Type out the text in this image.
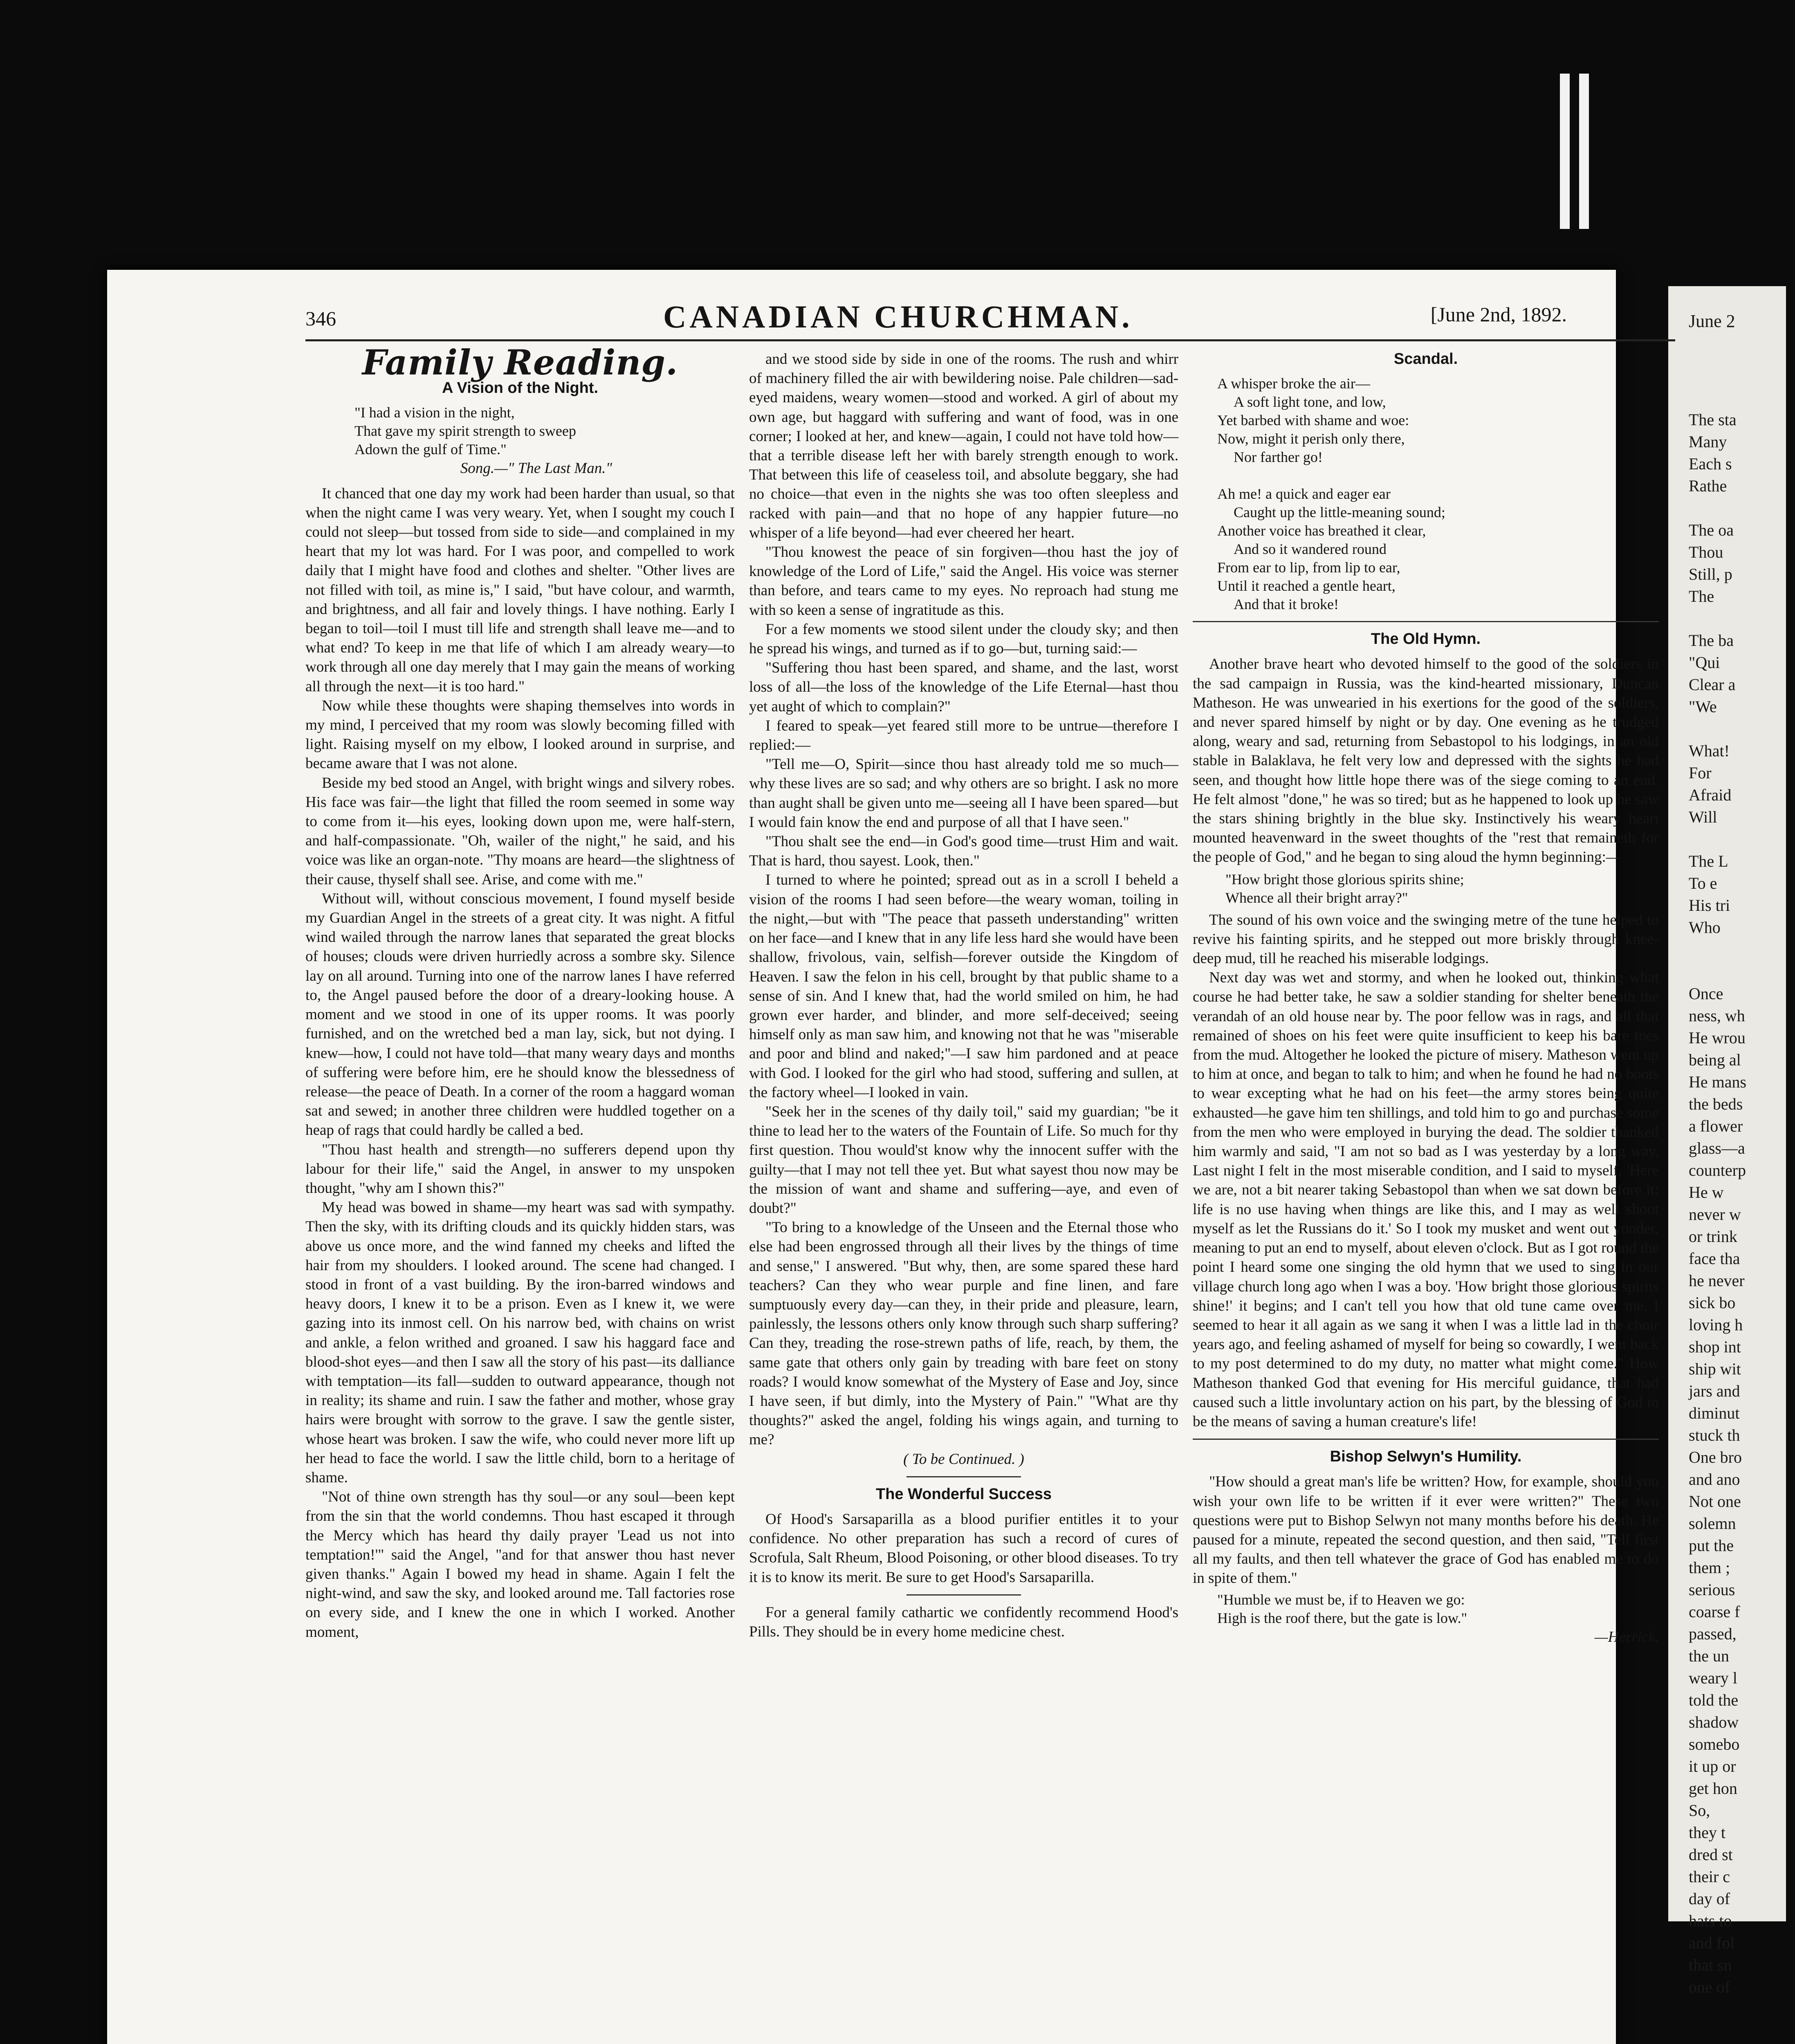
June 2
The sta
Many
Each s
Rathe

The oa
Thou
Still, p
The

The ba
"Qui
Clear a
"We

What!
For
Afraid
Will

The L
To e
His tri
Who

Once
ness, wh
He wrou
being al
He mans
the beds
a flower
glass—a
counterp
He w
never w
or trink
face tha
he never
sick bo
loving h
shop int
ship wit
jars and
diminut
stuck th
One bro
and ano
Not one
solemn
put the
them ;
serious
coarse f
passed,
the un
weary l
told the
shadow
somebo
it up or
get hon
So,
they t
dred st
their c
day of
hats to
and fol
that sn
one of
346	CANADIAN CHURCHMAN.	[June 2nd, 1892.
Family Reading.
A Vision of the Night.
"I had a vision in the night,
That gave my spirit strength to sweep
Adown the gulf of Time."

Song.—" The Last Man."

It chanced that one day my work had been harder than usual, so that when the night came I was very weary. Yet, when I sought my couch I could not sleep—but tossed from side to side—and complained in my heart that my lot was hard. For I was poor, and compelled to work daily that I might have food and clothes and shelter. "Other lives are not filled with toil, as mine is," I said, "but have colour, and warmth, and brightness, and all fair and lovely things. I have nothing. Early I began to toil—toil I must till life and strength shall leave me—and to what end? To keep in me that life of which I am already weary—to work through all one day merely that I may gain the means of working all through the next—it is too hard."

Now while these thoughts were shaping themselves into words in my mind, I perceived that my room was slowly becoming filled with light. Raising myself on my elbow, I looked around in surprise, and became aware that I was not alone.

Beside my bed stood an Angel, with bright wings and silvery robes. His face was fair—the light that filled the room seemed in some way to come from it—his eyes, looking down upon me, were half-stern, and half-compassionate. "Oh, wailer of the night," he said, and his voice was like an organ-note. "Thy moans are heard—the slightness of their cause, thyself shall see. Arise, and come with me."

Without will, without conscious movement, I found myself beside my Guardian Angel in the streets of a great city. It was night. A fitful wind wailed through the narrow lanes that separated the great blocks of houses; clouds were driven hurriedly across a sombre sky. Silence lay on all around. Turning into one of the narrow lanes I have referred to, the Angel paused before the door of a dreary-looking house. A moment and we stood in one of its upper rooms. It was poorly furnished, and on the wretched bed a man lay, sick, but not dying. I knew—how, I could not have told—that many weary days and months of suffering were before him, ere he should know the blessedness of release—the peace of Death. In a corner of the room a haggard woman sat and sewed; in another three children were huddled together on a heap of rags that could hardly be called a bed.

"Thou hast health and strength—no sufferers depend upon thy labour for their life," said the Angel, in answer to my unspoken thought, "why am I shown this?"

My head was bowed in shame—my heart was sad with sympathy. Then the sky, with its drifting clouds and its quickly hidden stars, was above us once more, and the wind fanned my cheeks and lifted the hair from my shoulders. I looked around. The scene had changed. I stood in front of a vast building. By the iron-barred windows and heavy doors, I knew it to be a prison. Even as I knew it, we were gazing into its inmost cell. On his narrow bed, with chains on wrist and ankle, a felon writhed and groaned. I saw his haggard face and blood-shot eyes—and then I saw all the story of his past—its dalliance with temptation—its fall—sudden to outward appearance, though not in reality; its shame and ruin. I saw the father and mother, whose gray hairs were brought with sorrow to the grave. I saw the gentle sister, whose heart was broken. I saw the wife, who could never more lift up her head to face the world. I saw the little child, born to a heritage of shame.

"Not of thine own strength has thy soul—or any soul—been kept from the sin that the world condemns. Thou hast escaped it through the Mercy which has heard thy daily prayer 'Lead us not into temptation!'" said the Angel, "and for that answer thou hast never given thanks." Again I bowed my head in shame. Again I felt the night-wind, and saw the sky, and looked around me. Tall factories rose on every side, and I knew the one in which I worked. Another moment,

and we stood side by side in one of the rooms. The rush and whirr of machinery filled the air with bewildering noise. Pale children—sad-eyed maidens, weary women—stood and worked. A girl of about my own age, but haggard with suffering and want of food, was in one corner; I looked at her, and knew—again, I could not have told how—that a terrible disease left her with barely strength enough to work. That between this life of ceaseless toil, and absolute beggary, she had no choice—that even in the nights she was too often sleepless and racked with pain—and that no hope of any happier future—no whisper of a life beyond—had ever cheered her heart.

"Thou knowest the peace of sin forgiven—thou hast the joy of knowledge of the Lord of Life," said the Angel. His voice was sterner than before, and tears came to my eyes. No reproach had stung me with so keen a sense of ingratitude as this.

For a few moments we stood silent under the cloudy sky; and then he spread his wings, and turned as if to go—but, turning said:—

"Suffering thou hast been spared, and shame, and the last, worst loss of all—the loss of the knowledge of the Life Eternal—hast thou yet aught of which to complain?"

I feared to speak—yet feared still more to be untrue—therefore I replied:—

"Tell me—O, Spirit—since thou hast already told me so much—why these lives are so sad; and why others are so bright. I ask no more than aught shall be given unto me—seeing all I have been spared—but I would fain know the end and purpose of all that I have seen."

"Thou shalt see the end—in God's good time—trust Him and wait. That is hard, thou sayest. Look, then."

I turned to where he pointed; spread out as in a scroll I beheld a vision of the rooms I had seen before—the weary woman, toiling in the night,—but with "The peace that passeth understanding" written on her face—and I knew that in any life less hard she would have been shallow, frivolous, vain, selfish—forever outside the Kingdom of Heaven. I saw the felon in his cell, brought by that public shame to a sense of sin. And I knew that, had the world smiled on him, he had grown ever harder, and blinder, and more self-deceived; seeing himself only as man saw him, and knowing not that he was "miserable and poor and blind and naked;"—I saw him pardoned and at peace with God. I looked for the girl who had stood, suffering and sullen, at the factory wheel—I looked in vain.

"Seek her in the scenes of thy daily toil," said my guardian; "be it thine to lead her to the waters of the Fountain of Life. So much for thy first question. Thou would'st know why the innocent suffer with the guilty—that I may not tell thee yet. But what sayest thou now may be the mission of want and shame and suffering—aye, and even of doubt?"

"To bring to a knowledge of the Unseen and the Eternal those who else had been engrossed through all their lives by the things of time and sense," I answered. "But why, then, are some spared these hard teachers? Can they who wear purple and fine linen, and fare sumptuously every day—can they, in their pride and pleasure, learn, painlessly, the lessons others only know through such sharp suffering? Can they, treading the rose-strewn paths of life, reach, by them, the same gate that others only gain by treading with bare feet on stony roads? I would know somewhat of the Mystery of Ease and Joy, since I have seen, if but dimly, into the Mystery of Pain." "What are thy thoughts?" asked the angel, folding his wings again, and turning to me?

( To be Continued. )

The Wonderful Success

Of Hood's Sarsaparilla as a blood purifier entitles it to your confidence. No other preparation has such a record of cures of Scrofula, Salt Rheum, Blood Poisoning, or other blood diseases. To try it is to know its merit. Be sure to get Hood's Sarsaparilla.

For a general family cathartic we confidently recommend Hood's Pills. They should be in every home medicine chest.

Scandal.
A whisper broke the air—
A soft light tone, and low,
Yet barbed with shame and woe:
Now, might it perish only there,
Nor farther go!

Ah me! a quick and eager ear
Caught up the little-meaning sound;
Another voice has breathed it clear,
And so it wandered round
From ear to lip, from lip to ear,
Until it reached a gentle heart,
And that it broke!
The Old Hymn.

Another brave heart who devoted himself to the good of the soldiers in the sad campaign in Russia, was the kind-hearted missionary, Duncan Matheson. He was unwearied in his exertions for the good of the soldiers, and never spared himself by night or by day. One evening as he trudged along, weary and sad, returning from Sebastopol to his lodgings, in an old stable in Balaklava, he felt very low and depressed with the sights he had seen, and thought how little hope there was of the siege coming to an end. He felt almost "done," he was so tired; but as he happened to look up he saw the stars shining brightly in the blue sky. Instinctively his weary heart mounted heavenward in the sweet thoughts of the "rest that remaineth for the people of God," and he began to sing aloud the hymn beginning:—

"How bright those glorious spirits shine;
Whence all their bright array?"

The sound of his own voice and the swinging metre of the tune helped to revive his fainting spirits, and he stepped out more briskly through knee-deep mud, till he reached his miserable lodgings.

Next day was wet and stormy, and when he looked out, thinking what course he had better take, he saw a soldier standing for shelter beneath the verandah of an old house near by. The poor fellow was in rags, and all that remained of shoes on his feet were quite insufficient to keep his bare toes from the mud. Altogether he looked the picture of misery. Matheson went up to him at once, and began to talk to him; and when he found he had no boots to wear excepting what he had on his feet—the army stores being quite exhausted—he gave him ten shillings, and told him to go and purchase some from the men who were employed in burying the dead. The soldier thanked him warmly and said, "I am not so bad as I was yesterday by a long way. Last night I felt in the most miserable condition, and I said to myself, 'Here we are, not a bit nearer taking Sebastopol than when we sat down before it; life is no use having when things are like this, and I may as well shoot myself as let the Russians do it.' So I took my musket and went out yonder, meaning to put an end to myself, about eleven o'clock. But as I got round the point I heard some one singing the old hymn that we used to sing in our village church long ago when I was a boy. 'How bright those glorious spirits shine!' it begins; and I can't tell you how that old tune came over me. I seemed to hear it all again as we sang it when I was a little lad in the choir years ago, and feeling ashamed of myself for being so cowardly, I went back to my post determined to do my duty, no matter what might come." How Matheson thanked God that evening for His merciful guidance, that had caused such a little involuntary action on his part, by the blessing of God to be the means of saving a human creature's life!

Bishop Selwyn's Humility.

"How should a great man's life be written? How, for example, should you wish your own life to be written if it ever were written?" These two questions were put to Bishop Selwyn not many months before his death. He paused for a minute, repeated the second question, and then said, "Tell first all my faults, and then tell whatever the grace of God has enabled me to do in spite of them."

"Humble we must be, if to Heaven we go:
High is the roof there, but the gate is low."

—Herrick.
